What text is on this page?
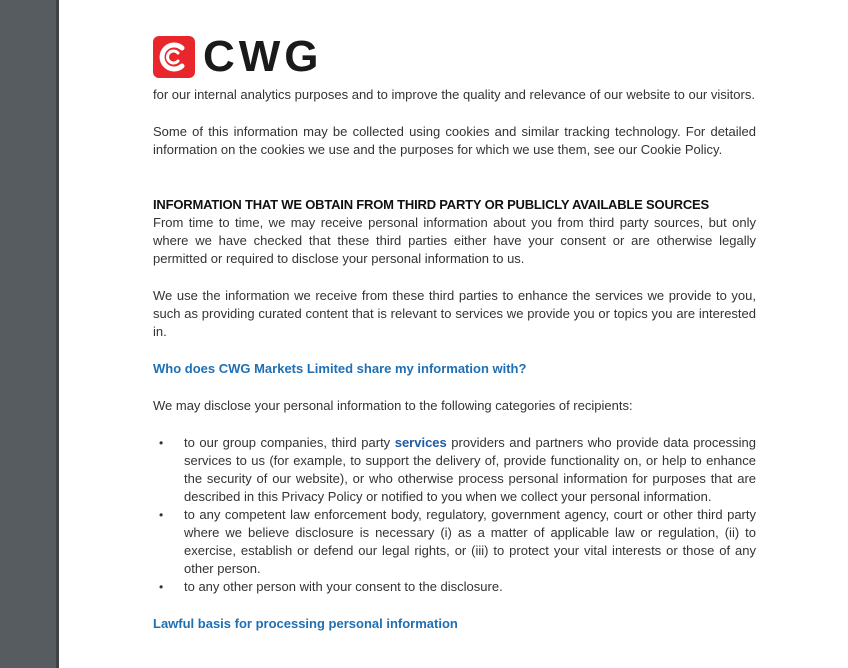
CWG

for our internal analytics purposes and to improve the quality and relevance of our website to our visitors.

Some of this information may be collected using cookies and similar tracking technology. For detailed information on the cookies we use and the purposes for which we use them, see our Cookie Policy.

INFORMATION THAT WE OBTAIN FROM THIRD PARTY OR PUBLICLY AVAILABLE SOURCES

From time to time, we may receive personal information about you from third party sources, but only where we have checked that these third parties either have your consent or are otherwise legally permitted or required to disclose your personal information to us.

We use the information we receive from these third parties to enhance the services we provide to you, such as providing curated content that is relevant to services we provide you or topics you are interested in.

Who does CWG Markets Limited share my information with?

We may disclose your personal information to the following categories of recipients:

• to our group companies, third party services providers and partners who provide data processing services to us (for example, to support the delivery of, provide functionality on, or help to enhance the security of our website), or who otherwise process personal information for purposes that are described in this Privacy Policy or notified to you when we collect your personal information.
• to any competent law enforcement body, regulatory, government agency, court or other third party where we believe disclosure is necessary (i) as a matter of applicable law or regulation, (ii) to exercise, establish or defend our legal rights, or (iii) to protect your vital interests or those of any other person.
• to any other person with your consent to the disclosure.

Lawful basis for processing personal information
